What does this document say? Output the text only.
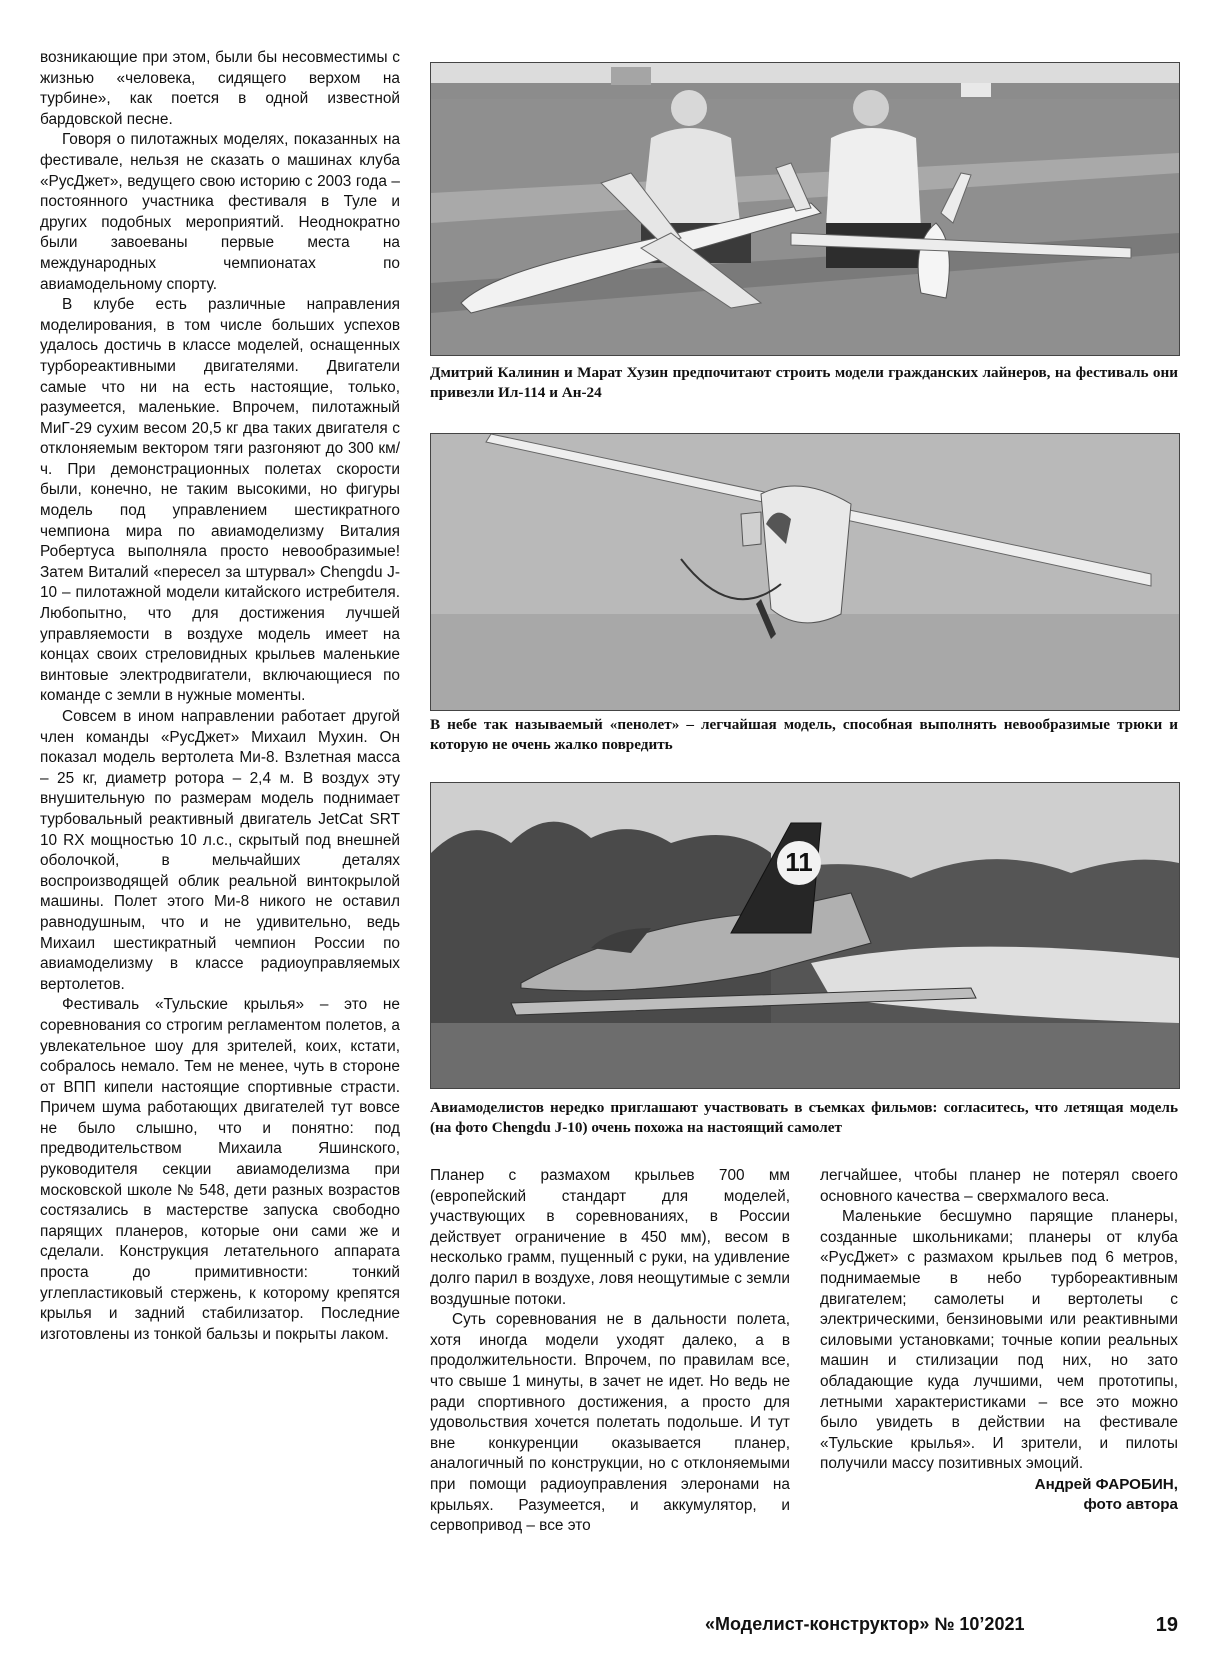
возникающие при этом, были бы несовместимы с жизнью «человека, сидящего верхом на турбине», как поется в одной известной бардовской песне.

Говоря о пилотажных моделях, показанных на фестивале, нельзя не сказать о машинах клуба «РусДжет», ведущего свою историю с 2003 года – постоянного участника фестиваля в Туле и других подобных мероприятий. Неоднократно были завоеваны первые места на международных чемпионатах по авиамодельному спорту.

В клубе есть различные направления моделирования, в том числе больших успехов удалось достичь в классе моделей, оснащенных турбореактивными двигателями. Двигатели самые что ни на есть настоящие, только, разумеется, маленькие. Впрочем, пилотажный МиГ-29 сухим весом 20,5 кг два таких двигателя с отклоняемым вектором тяги разгоняют до 300 км/ч. При демонстрационных полетах скорости были, конечно, не таким высокими, но фигуры модель под управлением шестикратного чемпиона мира по авиамоделизму Виталия Робертуса выполняла просто невообразимые! Затем Виталий «пересел за штурвал» Chengdu J-10 – пилотажной модели китайского истребителя. Любопытно, что для достижения лучшей управляемости в воздухе модель имеет на концах своих стреловидных крыльев маленькие винтовые электродвигатели, включающиеся по команде с земли в нужные моменты.

Совсем в ином направлении работает другой член команды «РусДжет» Михаил Мухин. Он показал модель вертолета Ми-8. Взлетная масса – 25 кг, диаметр ротора – 2,4 м. В воздух эту внушительную по размерам модель поднимает турбовальный реактивный двигатель JetCat SRT 10 RX мощностью 10 л.с., скрытый под внешней оболочкой, в мельчайших деталях воспроизводящей облик реальной винтокрылой машины. Полет этого Ми-8 никого не оставил равнодушным, что и не удивительно, ведь Михаил шестикратный чемпион России по авиамоделизму в классе радиоуправляемых вертолетов.

Фестиваль «Тульские крылья» – это не соревнования со строгим регламентом полетов, а увлекательное шоу для зрителей, коих, кстати, собралось немало. Тем не менее, чуть в стороне от ВПП кипели настоящие спортивные страсти. Причем шума работающих двигателей тут вовсе не было слышно, что и понятно: под предводительством Михаила Яшинского, руководителя секции авиамоделизма при московской школе № 548, дети разных возрастов состязались в мастерстве запуска свободно парящих планеров, которые они сами же и сделали. Конструкция летательного аппарата проста до примитивности: тонкий углепластиковый стержень, к которому крепятся крылья и задний стабилизатор. Последние изготовлены из тонкой бальзы и покрыты лаком.

Дмитрий Калинин и Марат Хузин предпочитают строить модели гражданских лайнеров, на фестиваль они привезли Ил-114 и Ан-24
В небе так называемый «пенолет» – легчайшая модель, способная выполнять невообразимые трюки и которую не очень жалко повредить
11
Авиамоделистов нередко приглашают участвовать в съемках фильмов: согласитесь, что летящая модель (на фото Chengdu J-10) очень похожа на настоящий самолет

Планер с размахом крыльев 700 мм (европейский стандарт для моделей, участвующих в соревнованиях, в России действует ограничение в 450 мм), весом в несколько грамм, пущенный с руки, на удивление долго парил в воздухе, ловя неощутимые с земли воздушные потоки.

Суть соревнования не в дальности полета, хотя иногда модели уходят далеко, а в продолжительности. Впрочем, по правилам все, что свыше 1 минуты, в зачет не идет. Но ведь не ради спортивного достижения, а просто для удовольствия хочется полетать подольше. И тут вне конкуренции оказывается планер, аналогичный по конструкции, но с отклоняемыми при помощи радиоуправления элеронами на крыльях. Разумеется, и аккумулятор, и сервопривод – все это

легчайшее, чтобы планер не потерял своего основного качества – сверхмалого веса.

Маленькие бесшумно парящие планеры, созданные школьниками; планеры от клуба «РусДжет» с размахом крыльев под 6 метров, поднимаемые в небо турбореактивным двигателем; самолеты и вертолеты с электрическими, бензиновыми или реактивными силовыми установками; точные копии реальных машин и стилизации под них, но зато обладающие куда лучшими, чем прототипы, летными характеристиками – все это можно было увидеть в действии на фестивале «Тульские крылья». И зрители, и пилоты получили массу позитивных эмоций.

Андрей ФАРОБИН,
фото автора
«Моделист-конструктор» № 10’2021	19
